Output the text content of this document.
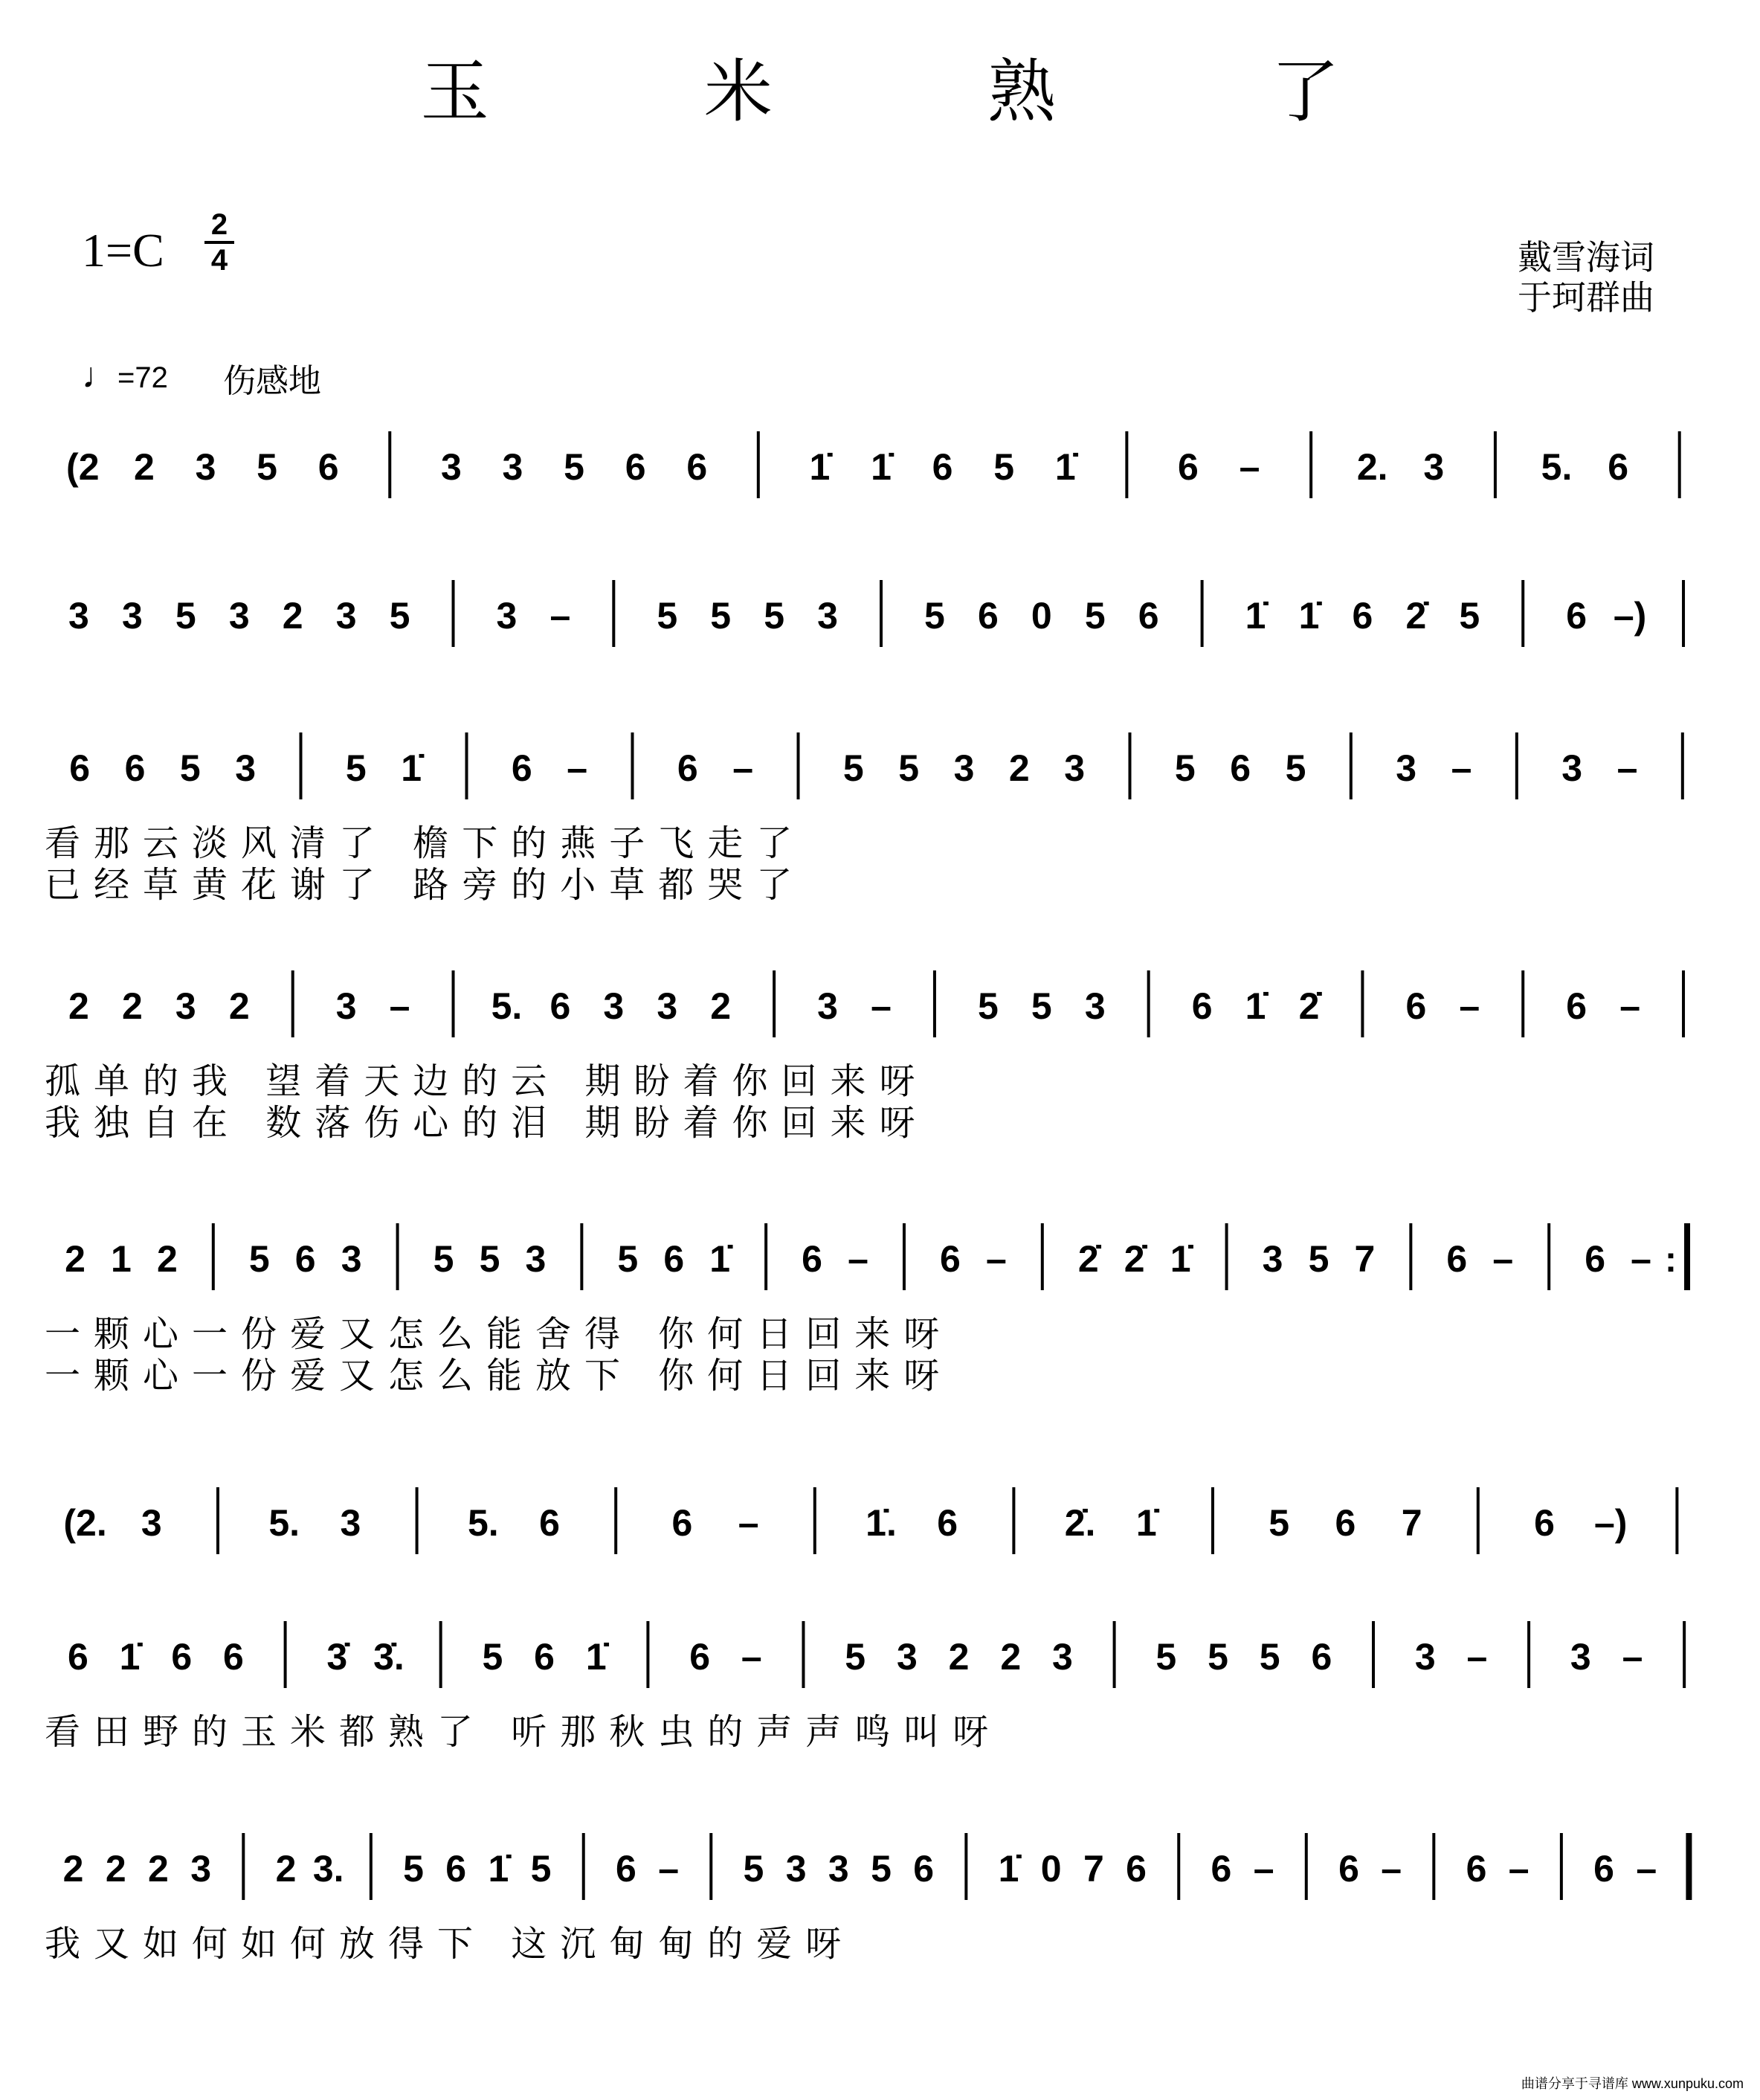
玉 米 熟 了
1=C 2
4	戴雪海词
于珂群曲
♩=72 伤感地
(2 2 3 5 6	3 3 5 6 6	1̇ 1̇ 6 5 1̇	6 –	2. 3	5. 6
3 3 5 3 2 3 5 3 – 5 5 5 3 5 6 0 5 6 1̇ 1̇ 6 2̇ 5 6 –)
6 6 5 3 5 1̇ 6 – 6 – 5 5 3 2 3 5 6 5 3 – 3 –
看那云淡风清了 檐下的燕子飞走了
已经草黄花谢了 路旁的小草都哭了
2 2 3 2 3 – 5. 6 3 3 2 3 – 5 5 3 6 1̇ 2̇ 6 – 6 –
孤单的我 望着天边的云 期盼着你回来呀
我独自在 数落伤心的泪 期盼着你回来呀
2 1 2 5 6 3 5 5 3 5 6 1̇ 6 – 6 – 2̇ 2̇ 1̇ 3 5 7 6 – 6 – :
一颗心一份爱又怎么能舍得 你何日回来呀
一颗心一份爱又怎么能放下 你何日回来呀
(2. 3	5. 3	5. 6	6 –	1̇. 6	2̇. 1̇	5 6 7	6 –)
6 1̇ 6 6 3̇ 3̇. 5 6 1̇ 6 – 5 3 2 2 3 5 5 5 6 3 – 3 –
看田野的玉米都熟了 听那秋虫的声声鸣叫呀
2 2 2 3 2 3. 5 6 1̇ 5 6 – 5 3 3 5 6 1̇ 0 7 6 6 – 6 – 6 – 6 –
我又如何如何放得下 这沉甸甸的爱呀
曲谱分享于寻谱库 www.xunpuku.com
